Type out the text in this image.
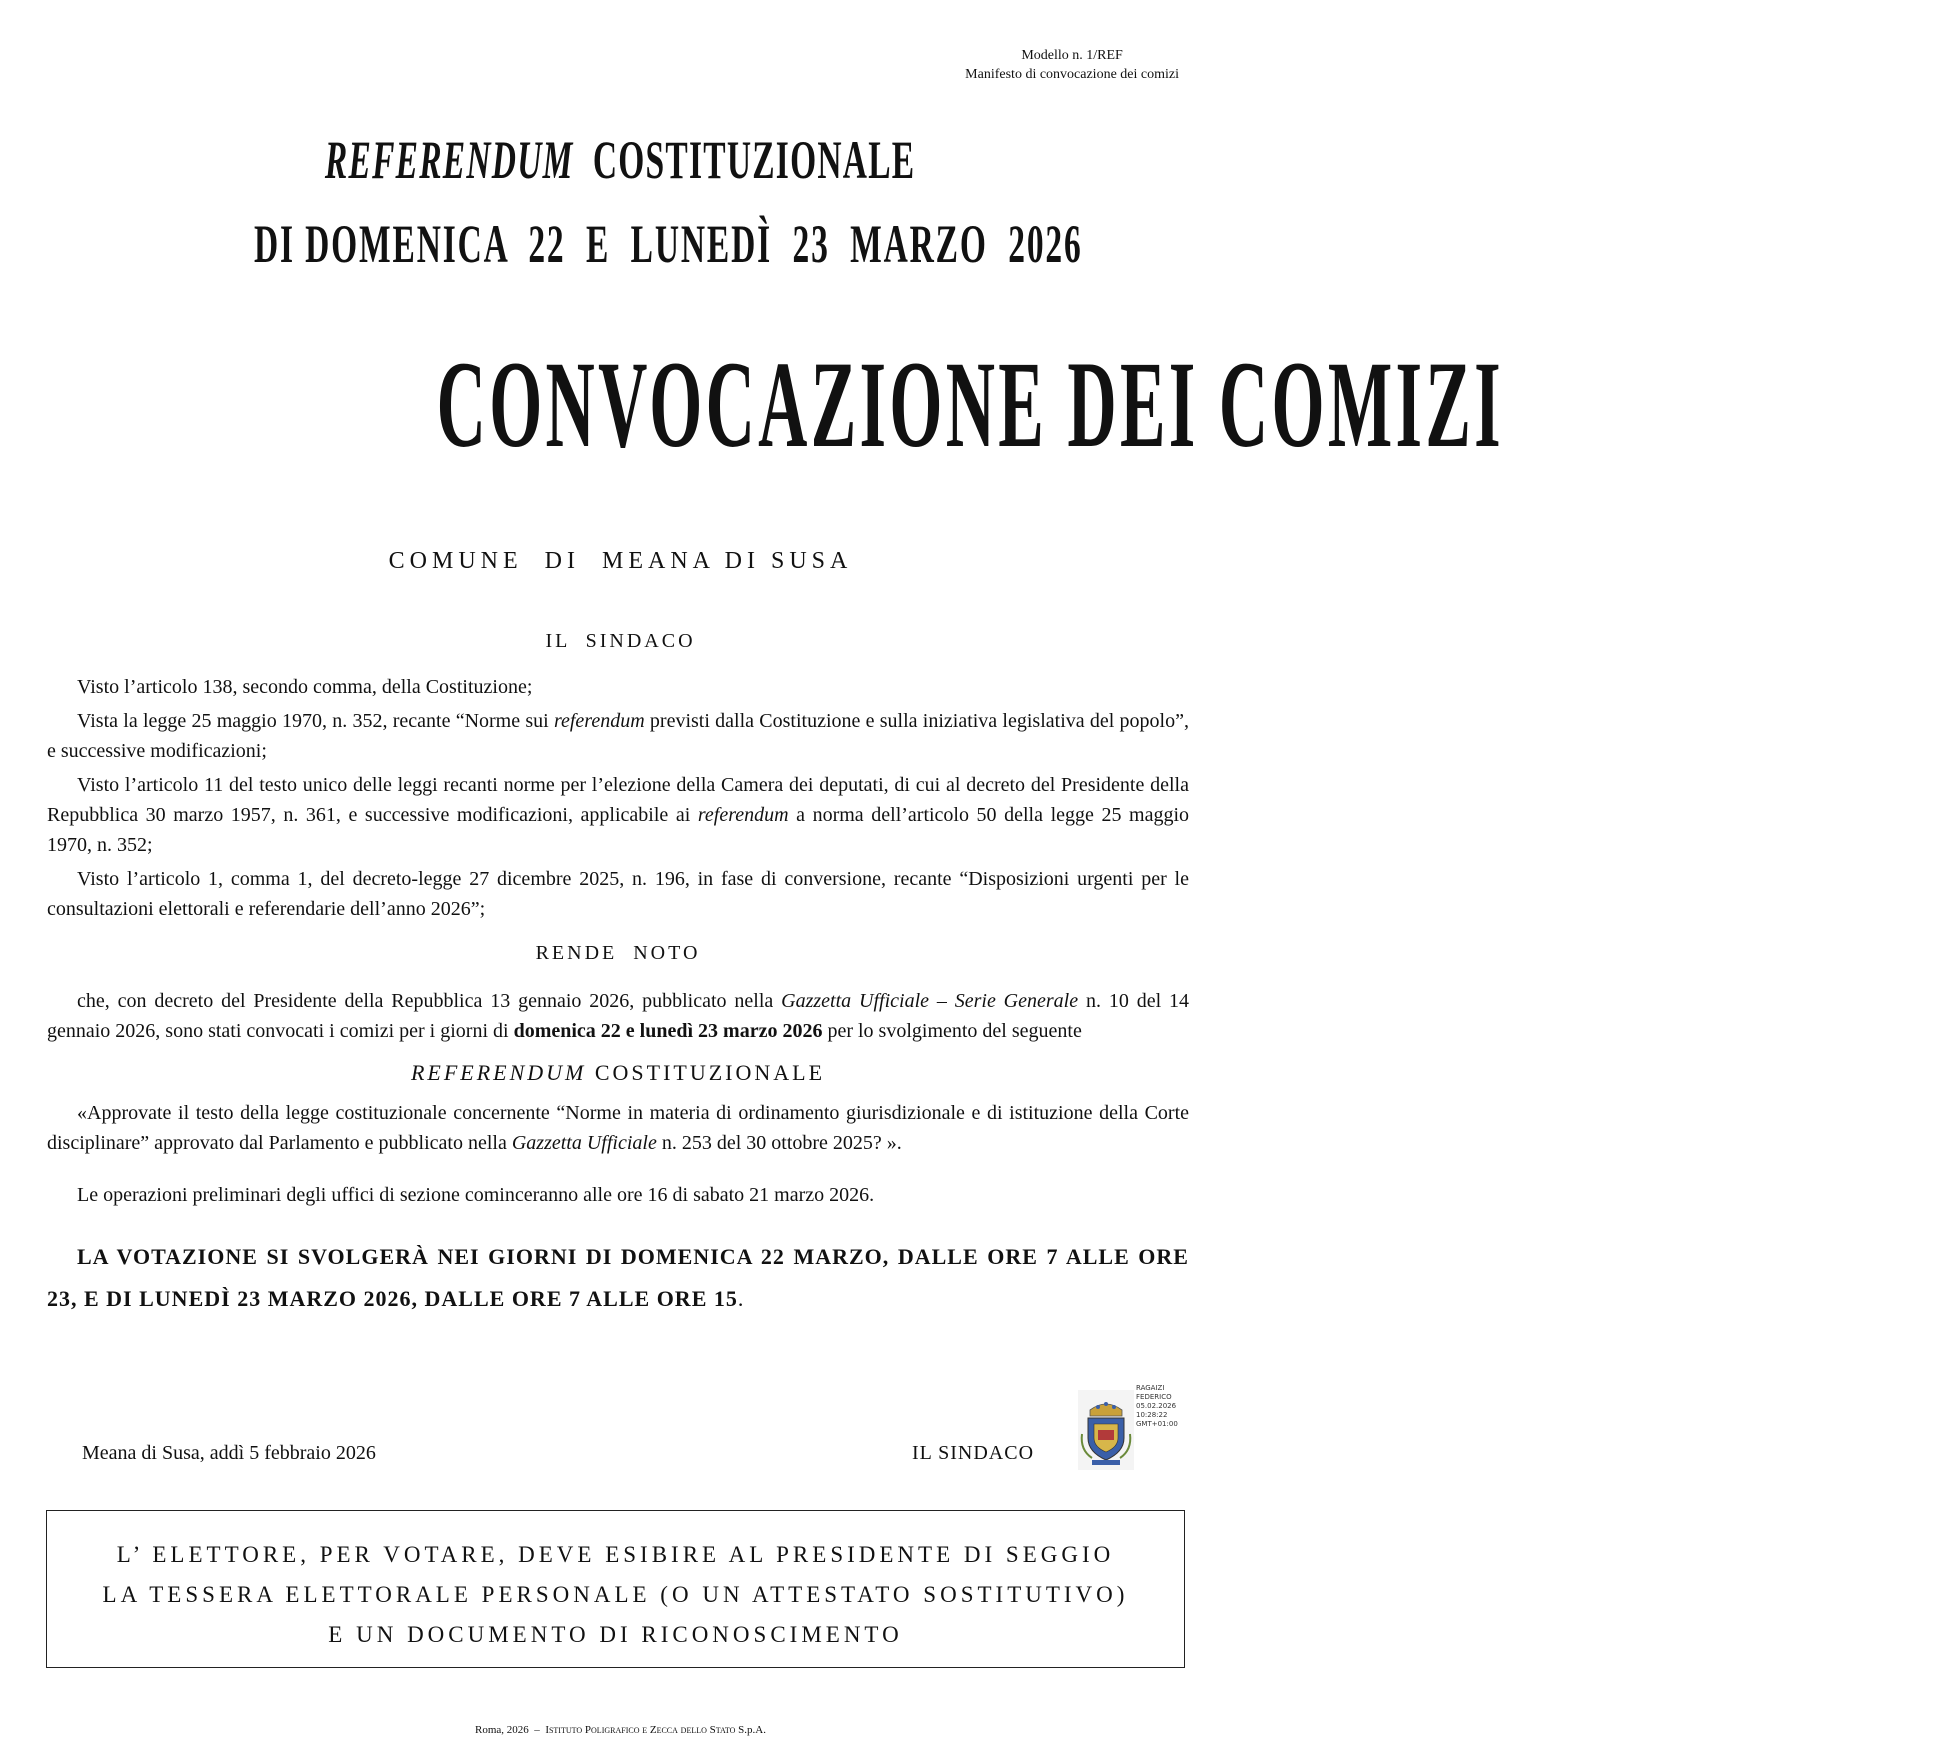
Modello n. 1/REF
Manifesto di convocazione dei comizi
REFERENDUM COSTITUZIONALE
DI DOMENICA  22  E  LUNEDÌ  23  MARZO  2026
CONVOCAZIONE DEI COMIZI
COMUNE  DI  MEANA DI SUSA
IL  SINDACO

Visto l’articolo 138, secondo comma, della Costituzione;

Vista la legge 25 maggio 1970, n. 352, recante “Norme sui referendum previsti dalla Costituzione e sulla iniziativa legislativa del popolo”, e successive modificazioni;

Visto l’articolo 11 del testo unico delle leggi recanti norme per l’elezione della Camera dei deputati, di cui al decreto del Presidente della Repubblica 30 marzo 1957, n. 361, e successive modificazioni, applicabile ai referendum a norma dell’articolo 50 della legge 25 maggio 1970, n. 352;

Visto l’articolo 1, comma 1, del decreto-legge 27 dicembre 2025, n. 196, in fase di conversione, recante “Disposizioni urgenti per le consultazioni elettorali e referendarie dell’anno 2026”;

RENDE  NOTO

che, con decreto del Presidente della Repubblica 13 gennaio 2026, pubblicato nella Gazzetta Ufficiale – Serie Generale n. 10 del 14 gennaio 2026, sono stati convocati i comizi per i giorni di domenica 22 e lunedì 23 marzo 2026 per lo svolgimento del seguente

REFERENDUM COSTITUZIONALE

«Approvate il testo della legge costituzionale concernente “Norme in materia di ordinamento giurisdizionale e di istituzione della Corte disciplinare” approvato dal Parlamento e pubblicato nella Gazzetta Ufficiale n. 253 del 30 ottobre 2025? ».

Le operazioni preliminari degli uffici di sezione cominceranno alle ore 16 di sabato 21 marzo 2026.

LA VOTAZIONE SI SVOLGERÀ NEI GIORNI DI DOMENICA 22 MARZO, DALLE ORE 7 ALLE ORE 23, E DI LUNEDÌ 23 MARZO 2026, DALLE ORE 7 ALLE ORE 15.

Meana di Susa, addì 5 febbraio 2026	IL SINDACO
RAGAIZI
FEDERICO
05.02.2026
10:28:22
GMT+01:00
L’ ELETTORE, PER VOTARE, DEVE ESIBIRE AL PRESIDENTE DI SEGGIO
LA TESSERA ELETTORALE PERSONALE (O UN ATTESTATO SOSTITUTIVO)
E UN DOCUMENTO DI RICONOSCIMENTO
Roma, 2026  –  Istituto Poligrafico e Zecca dello Stato S.p.A.
